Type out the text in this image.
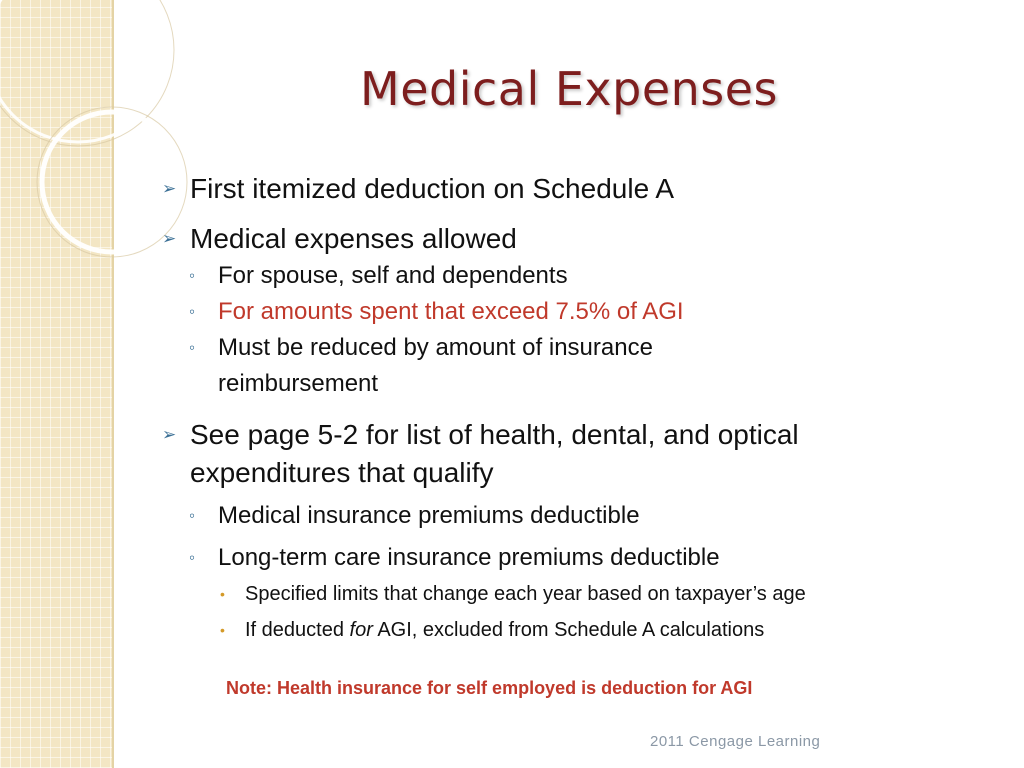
Medical Expenses
➢ First itemized deduction on Schedule A
➢ Medical expenses allowed
◦ For spouse, self and dependents
◦ For amounts spent that exceed 7.5% of AGI
◦ Must be reduced by amount of insurance reimbursement
➢ See page 5-2 for list of health, dental, and optical expenditures that qualify
◦ Medical insurance premiums deductible
◦ Long-term care insurance premiums deductible
• Specified limits that change each year based on taxpayer’s age
• If deducted for AGI, excluded from Schedule A calculations
Note: Health insurance for self employed is deduction for AGI
2011 Cengage Learning
